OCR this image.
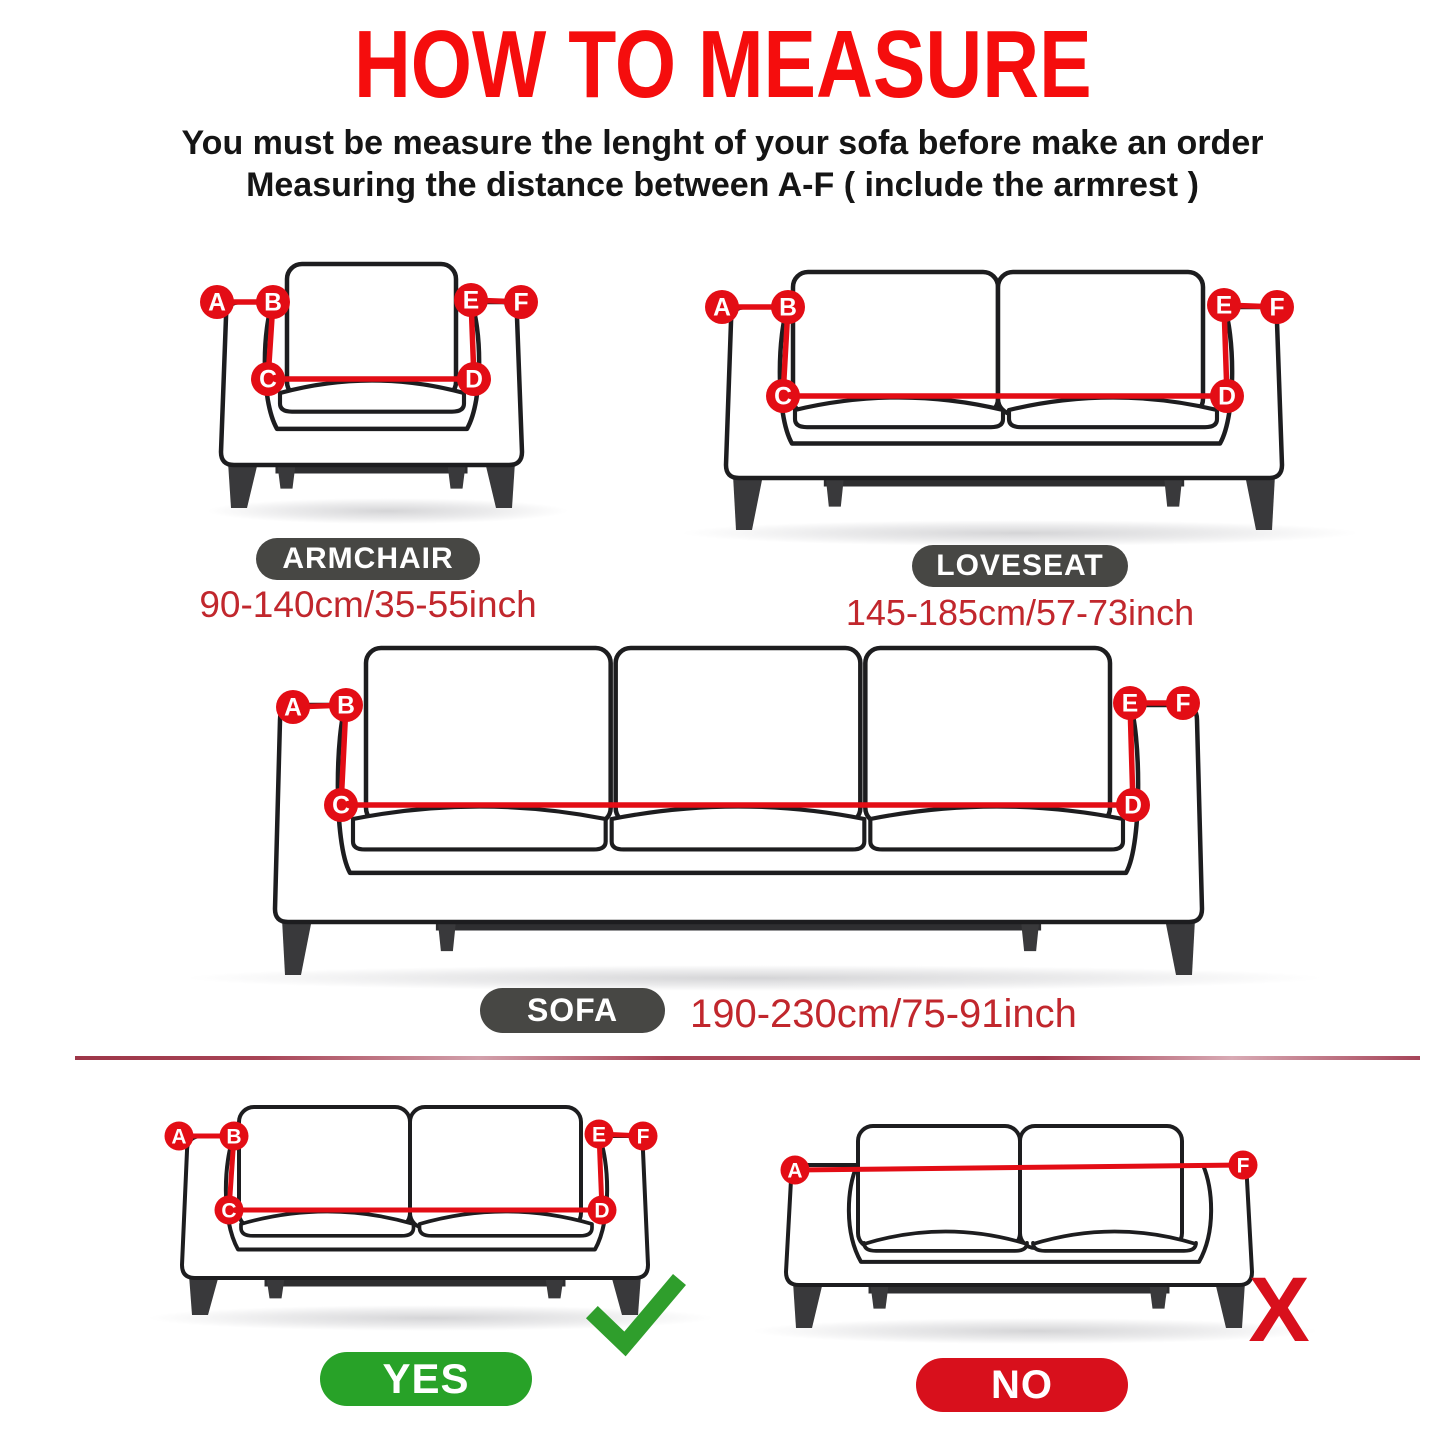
HOW TO MEASURE
You must be measure the lenght of your sofa before make an order
Measuring the distance between A-F ( include the armrest )
A B
C	D
E F
ARMCHAIR
90-140cm/35-55inch
A B
C	D
E F
LOVESEAT
145-185cm/57-73inch
A B
C	D
E F
SOFA 190-230cm/75-91inch
A B
C	D
E F
YES
A	F
X
NO
